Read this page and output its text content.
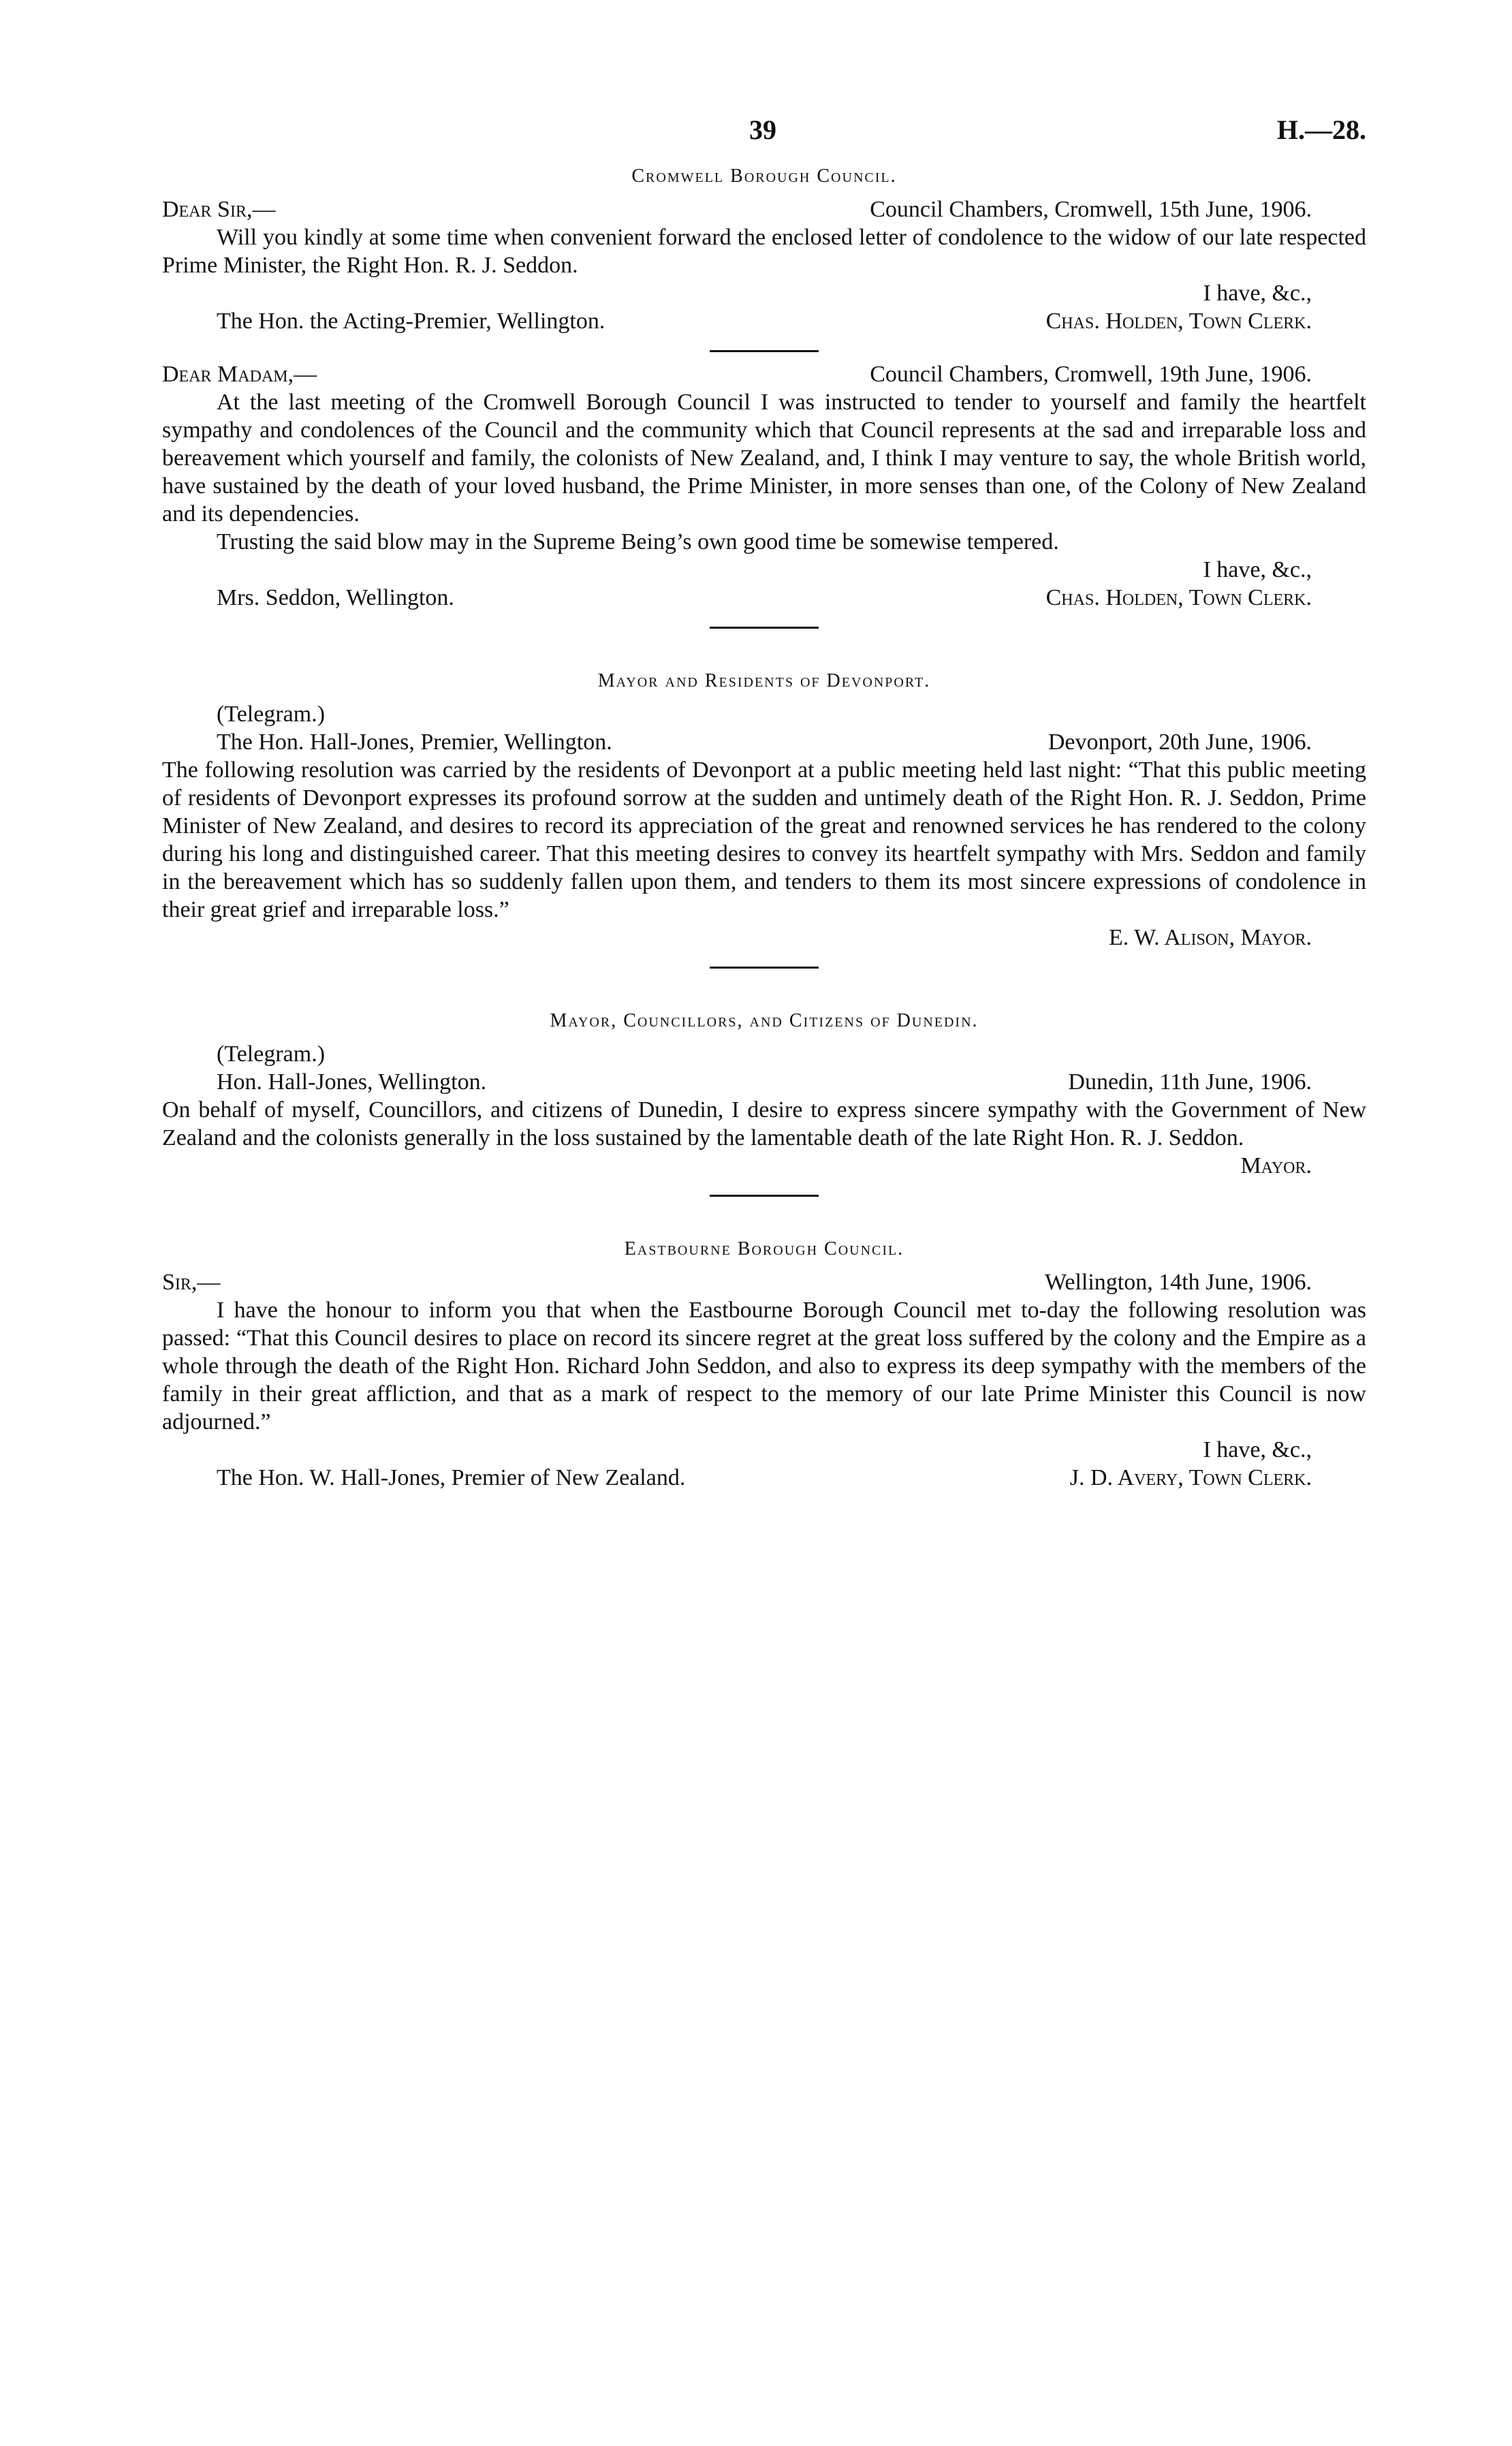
39	H.—28.
Cromwell Borough Council.
Dear Sir,—	Council Chambers, Cromwell, 15th June, 1906.

Will you kindly at some time when convenient forward the enclosed letter of condolence to the widow of our late respected Prime Minister, the Right Hon. R. J. Seddon.

I have, &c.,
The Hon. the Acting-Premier, Wellington.	Chas. Holden, Town Clerk.
Dear Madam,—	Council Chambers, Cromwell, 19th June, 1906.

At the last meeting of the Cromwell Borough Council I was instructed to tender to yourself and family the heartfelt sympathy and condolences of the Council and the community which that Council represents at the sad and irreparable loss and bereavement which yourself and family, the colonists of New Zealand, and, I think I may venture to say, the whole British world, have sustained by the death of your loved husband, the Prime Minister, in more senses than one, of the Colony of New Zealand and its dependencies.

Trusting the said blow may in the Supreme Being’s own good time be somewise tempered.

I have, &c.,
Mrs. Seddon, Wellington.	Chas. Holden, Town Clerk.
Mayor and Residents of Devonport.
(Telegram.)
The Hon. Hall-Jones, Premier, Wellington.	Devonport, 20th June, 1906.

The following resolution was carried by the residents of Devonport at a public meeting held last night: “That this public meeting of residents of Devonport expresses its profound sorrow at the sudden and untimely death of the Right Hon. R. J. Seddon, Prime Minister of New Zealand, and desires to record its appreciation of the great and renowned services he has rendered to the colony during his long and distinguished career. That this meeting desires to convey its heartfelt sympathy with Mrs. Seddon and family in the bereavement which has so suddenly fallen upon them, and tenders to them its most sincere expressions of condolence in their great grief and irreparable loss.”

E. W. Alison, Mayor.
Mayor, Councillors, and Citizens of Dunedin.
(Telegram.)
Hon. Hall-Jones, Wellington.	Dunedin, 11th June, 1906.

On behalf of myself, Councillors, and citizens of Dunedin, I desire to express sincere sympathy with the Government of New Zealand and the colonists generally in the loss sustained by the lamentable death of the late Right Hon. R. J. Seddon.

Mayor.
Eastbourne Borough Council.
Sir,—	Wellington, 14th June, 1906.

I have the honour to inform you that when the Eastbourne Borough Council met to-day the following resolution was passed: “That this Council desires to place on record its sincere regret at the great loss suffered by the colony and the Empire as a whole through the death of the Right Hon. Richard John Seddon, and also to express its deep sympathy with the members of the family in their great affliction, and that as a mark of respect to the memory of our late Prime Minister this Council is now adjourned.”

I have, &c.,
The Hon. W. Hall-Jones, Premier of New Zealand.	J. D. Avery, Town Clerk.
